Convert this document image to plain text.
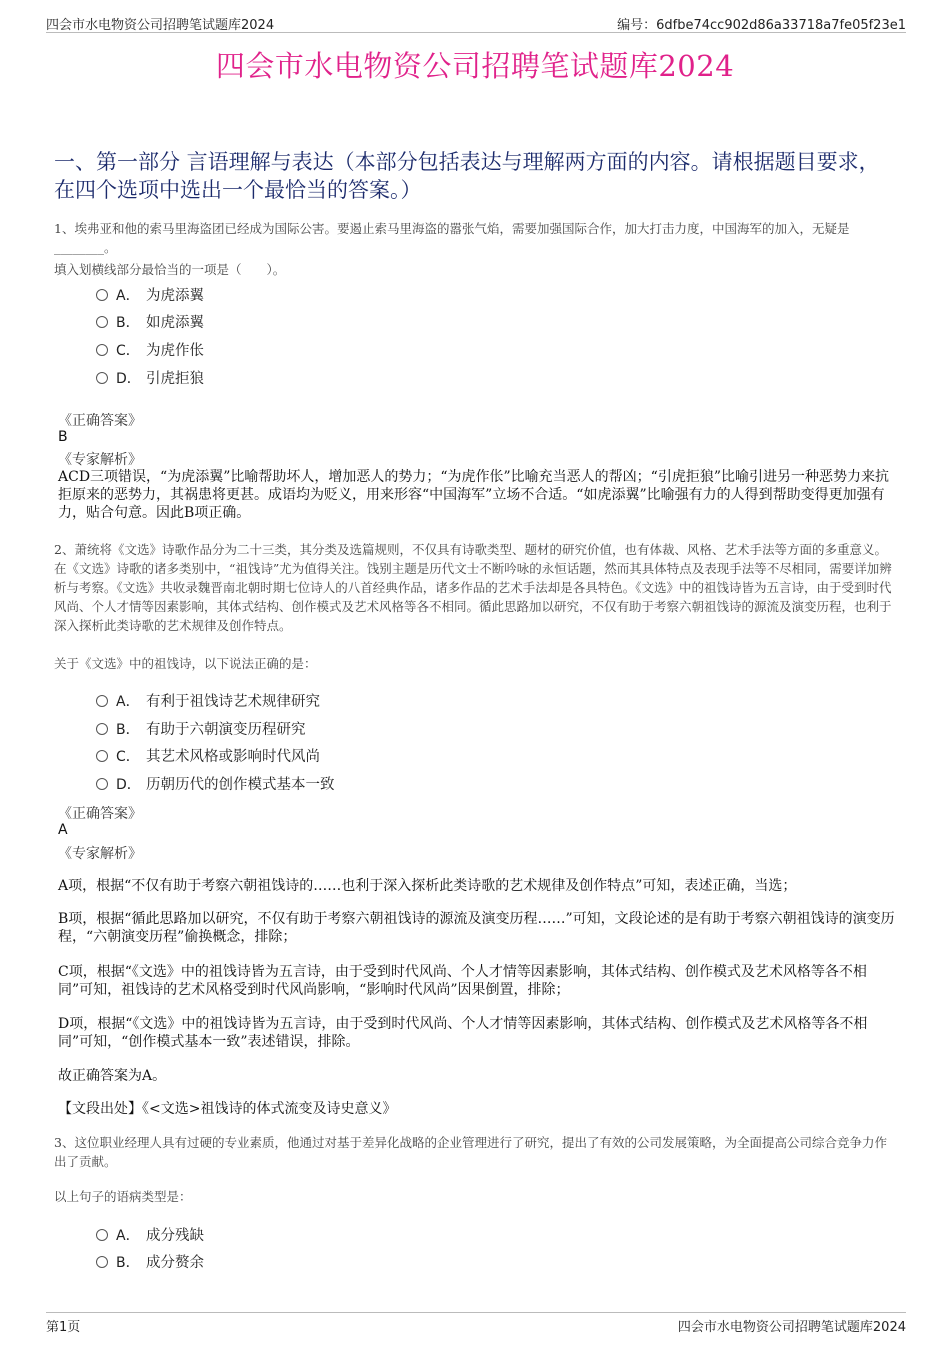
四会市水电物资公司招聘笔试题库2024	编号：6dfbe74cc902d86a33718a7fe05f23e1
四会市水电物资公司招聘笔试题库2024
一、第一部分 言语理解与表达（本部分包括表达与理解两方面的内容。请根据题目要求，在四个选项中选出一个最恰当的答案。）
1、埃弗亚和他的索马里海盗团已经成为国际公害。要遏止索马里海盗的嚣张气焰，需要加强国际合作，加大打击力度，中国海军的加入，无疑是________。
填入划横线部分最恰当的一项是（　　）。
A． 为虎添翼
B． 如虎添翼
C． 为虎作伥
D． 引虎拒狼
《正确答案》
B
《专家解析》
ACD三项错误，“为虎添翼”比喻帮助坏人，增加恶人的势力；“为虎作伥”比喻充当恶人的帮凶；“引虎拒狼”比喻引进另一种恶势力来抗拒原来的恶势力，其祸患将更甚。成语均为贬义，用来形容“中国海军”立场不合适。“如虎添翼”比喻强有力的人得到帮助变得更加强有力，贴合句意。因此B项正确。
2、萧统将《文选》诗歌作品分为二十三类，其分类及选篇规则，不仅具有诗歌类型、题材的研究价值，也有体裁、风格、艺术手法等方面的多重意义。在《文选》诗歌的诸多类别中，“祖饯诗”尤为值得关注。饯别主题是历代文士不断吟咏的永恒话题，然而其具体特点及表现手法等不尽相同，需要详加辨析与考察。《文选》共收录魏晋南北朝时期七位诗人的八首经典作品，诸多作品的艺术手法却是各具特色。《文选》中的祖饯诗皆为五言诗，由于受到时代风尚、个人才情等因素影响，其体式结构、创作模式及艺术风格等各不相同。循此思路加以研究，不仅有助于考察六朝祖饯诗的源流及演变历程，也利于深入探析此类诗歌的艺术规律及创作特点。
关于《文选》中的祖饯诗，以下说法正确的是：
A． 有利于祖饯诗艺术规律研究
B． 有助于六朝演变历程研究
C． 其艺术风格或影响时代风尚
D． 历朝历代的创作模式基本一致
《正确答案》
A
《专家解析》
A项，根据“不仅有助于考察六朝祖饯诗的……也利于深入探析此类诗歌的艺术规律及创作特点”可知，表述正确，当选；
B项，根据“循此思路加以研究，不仅有助于考察六朝祖饯诗的源流及演变历程……”可知，文段论述的是有助于考察六朝祖饯诗的演变历程，“六朝演变历程”偷换概念，排除；
C项，根据“《文选》中的祖饯诗皆为五言诗，由于受到时代风尚、个人才情等因素影响，其体式结构、创作模式及艺术风格等各不相同”可知，祖饯诗的艺术风格受到时代风尚影响，“影响时代风尚”因果倒置，排除；
D项，根据“《文选》中的祖饯诗皆为五言诗，由于受到时代风尚、个人才情等因素影响，其体式结构、创作模式及艺术风格等各不相同”可知，“创作模式基本一致”表述错误，排除。
故正确答案为A。
【文段出处】《<文选>祖饯诗的体式流变及诗史意义》
3、这位职业经理人具有过硬的专业素质，他通过对基于差异化战略的企业管理进行了研究，提出了有效的公司发展策略，为全面提高公司综合竞争力作出了贡献。
以上句子的语病类型是：
A． 成分残缺
B． 成分赘余
第1页	四会市水电物资公司招聘笔试题库2024
